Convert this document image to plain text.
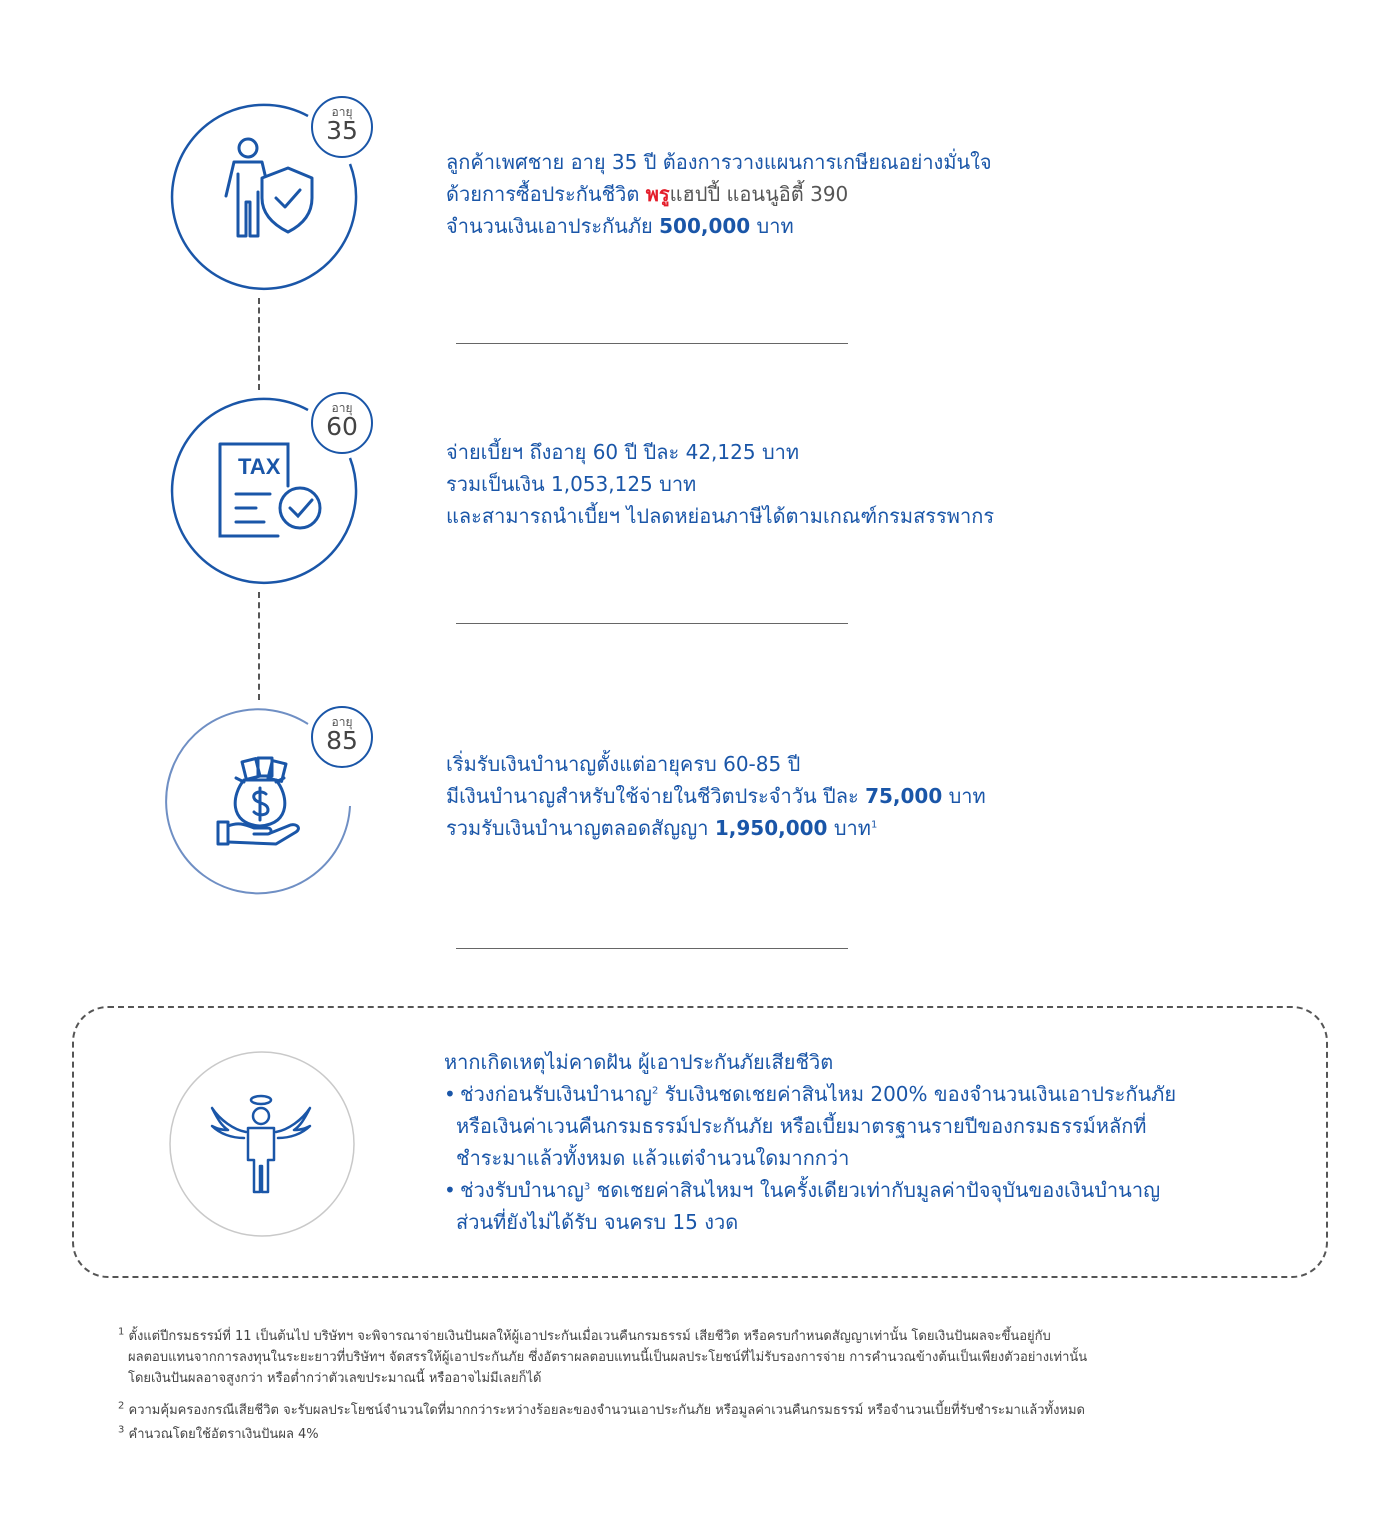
อายุ
35

ลูกค้าเพศชาย อายุ 35 ปี ต้องการวางแผนการเกษียณอย่างมั่นใจ

ด้วยการซื้อประกันชีวิต พรูแฮปปี้ แอนนูอิตี้ 390

จำนวนเงินเอาประกันภัย 500,000 บาท

TAX
อายุ
60

จ่ายเบี้ยฯ ถึงอายุ 60 ปี ปีละ 42,125 บาท

รวมเป็นเงิน 1,053,125 บาท

และสามารถนำเบี้ยฯ ไปลดหย่อนภาษีได้ตามเกณฑ์กรมสรรพากร

อายุ
85

เริ่มรับเงินบำนาญตั้งแต่อายุครบ 60-85 ปี

มีเงินบำนาญสำหรับใช้จ่ายในชีวิตประจำวัน ปีละ 75,000 บาท

รวมรับเงินบำนาญตลอดสัญญา 1,950,000 บาท$^1$

หากเกิดเหตุไม่คาดฝัน ผู้เอาประกันภัยเสียชีวิต

• ช่วงก่อนรับเงินบำนาญ$^2$ รับเงินชดเชยค่าสินไหม 200% ของจำนวนเงินเอาประกันภัย

หรือเงินค่าเวนคืนกรมธรรม์ประกันภัย หรือเบี้ยมาตรฐานรายปีของกรมธรรม์หลักที่

ชำระมาแล้วทั้งหมด แล้วแต่จำนวนใดมากกว่า

• ช่วงรับบำนาญ$^3$ ชดเชยค่าสินไหมฯ ในครั้งเดียวเท่ากับมูลค่าปัจจุบันของเงินบำนาญ

ส่วนที่ยังไม่ได้รับ จนครบ 15 งวด

$^1$ ตั้งแต่ปีกรมธรรม์ที่ 11 เป็นต้นไป บริษัทฯ จะพิจารณาจ่ายเงินปันผลให้ผู้เอาประกันเมื่อเวนคืนกรมธรรม์ เสียชีวิต หรือครบกำหนดสัญญาเท่านั้น โดยเงินปันผลจะขึ้นอยู่กับ
ผลตอบแทนจากการลงทุนในระยะยาวที่บริษัทฯ จัดสรรให้ผู้เอาประกันภัย ซึ่งอัตราผลตอบแทนนี้เป็นผลประโยชน์ที่ไม่รับรองการจ่าย การคำนวณข้างต้นเป็นเพียงตัวอย่างเท่านั้น
โดยเงินปันผลอาจสูงกว่า หรือต่ำกว่าตัวเลขประมาณนี้ หรืออาจไม่มีเลยก็ได้
$^2$ ความคุ้มครองกรณีเสียชีวิต จะรับผลประโยชน์จำนวนใดที่มากกว่าระหว่างร้อยละของจำนวนเอาประกันภัย หรือมูลค่าเวนคืนกรมธรรม์ หรือจำนวนเบี้ยที่รับชำระมาแล้วทั้งหมด
$^3$ คำนวณโดยใช้อัตราเงินปันผล 4%
